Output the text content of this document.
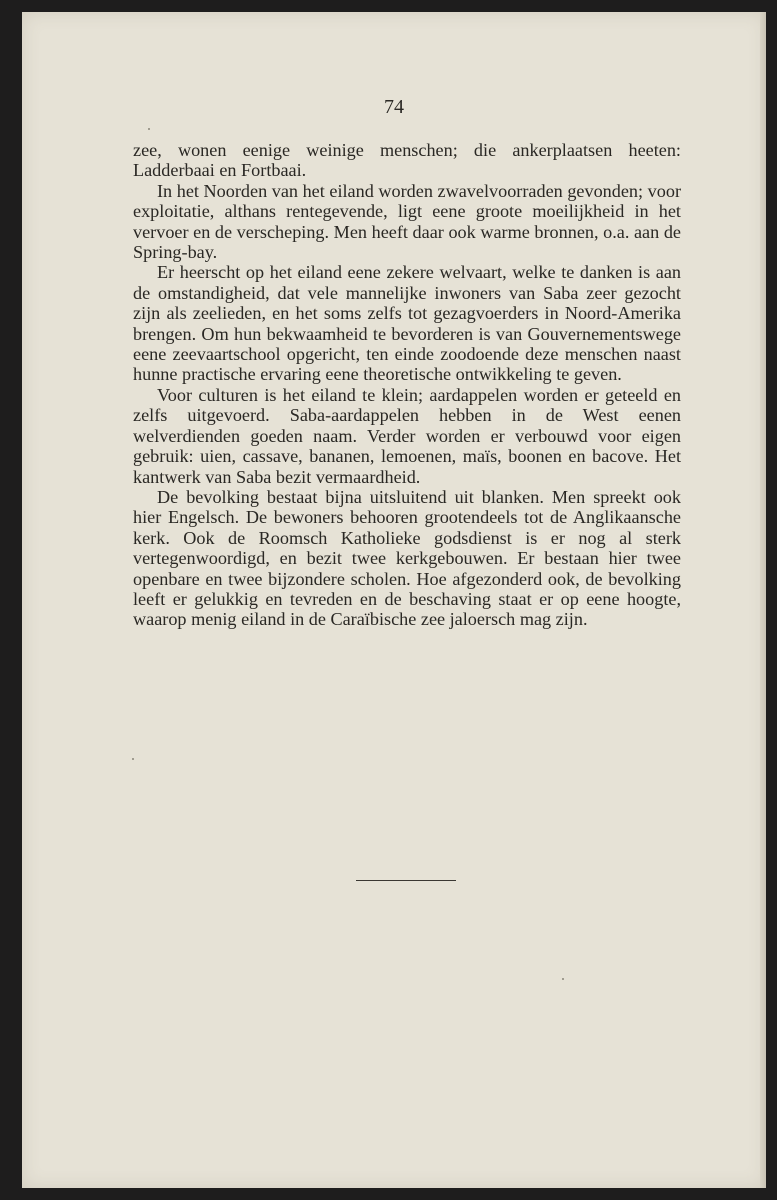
74

zee, wonen eenige weinige menschen; die ankerplaatsen heeten: Ladderbaai en Fortbaai.

In het Noorden van het eiland worden zwavelvoorraden gevonden; voor exploitatie, althans rentegevende, ligt eene groote moeilijkheid in het vervoer en de verscheping. Men heeft daar ook warme bronnen, o.a. aan de Spring-bay.

Er heerscht op het eiland eene zekere welvaart, welke te danken is aan de omstandigheid, dat vele mannelijke inwoners van Saba zeer gezocht zijn als zeelieden, en het soms zelfs tot gezagvoerders in Noord-Amerika brengen. Om hun bekwaamheid te bevorderen is van Gouvernementswege eene zeevaartschool opgericht, ten einde zoodoende deze menschen naast hunne practische ervaring eene theoretische ontwikkeling te geven.

Voor culturen is het eiland te klein; aardappelen worden er geteeld en zelfs uitgevoerd. Saba-aardappelen hebben in de West eenen welverdienden goeden naam. Verder worden er verbouwd voor eigen gebruik: uien, cassave, bananen, lemoenen, maïs, boonen en bacove. Het kantwerk van Saba bezit vermaardheid.

De bevolking bestaat bijna uitsluitend uit blanken. Men spreekt ook hier Engelsch. De bewoners behooren grootendeels tot de Anglikaansche kerk. Ook de Roomsch Katholieke godsdienst is er nog al sterk vertegenwoordigd, en bezit twee kerkgebouwen. Er bestaan hier twee openbare en twee bijzondere scholen. Hoe afgezonderd ook, de bevolking leeft er gelukkig en tevreden en de beschaving staat er op eene hoogte, waarop menig eiland in de Caraïbische zee jaloersch mag zijn.
